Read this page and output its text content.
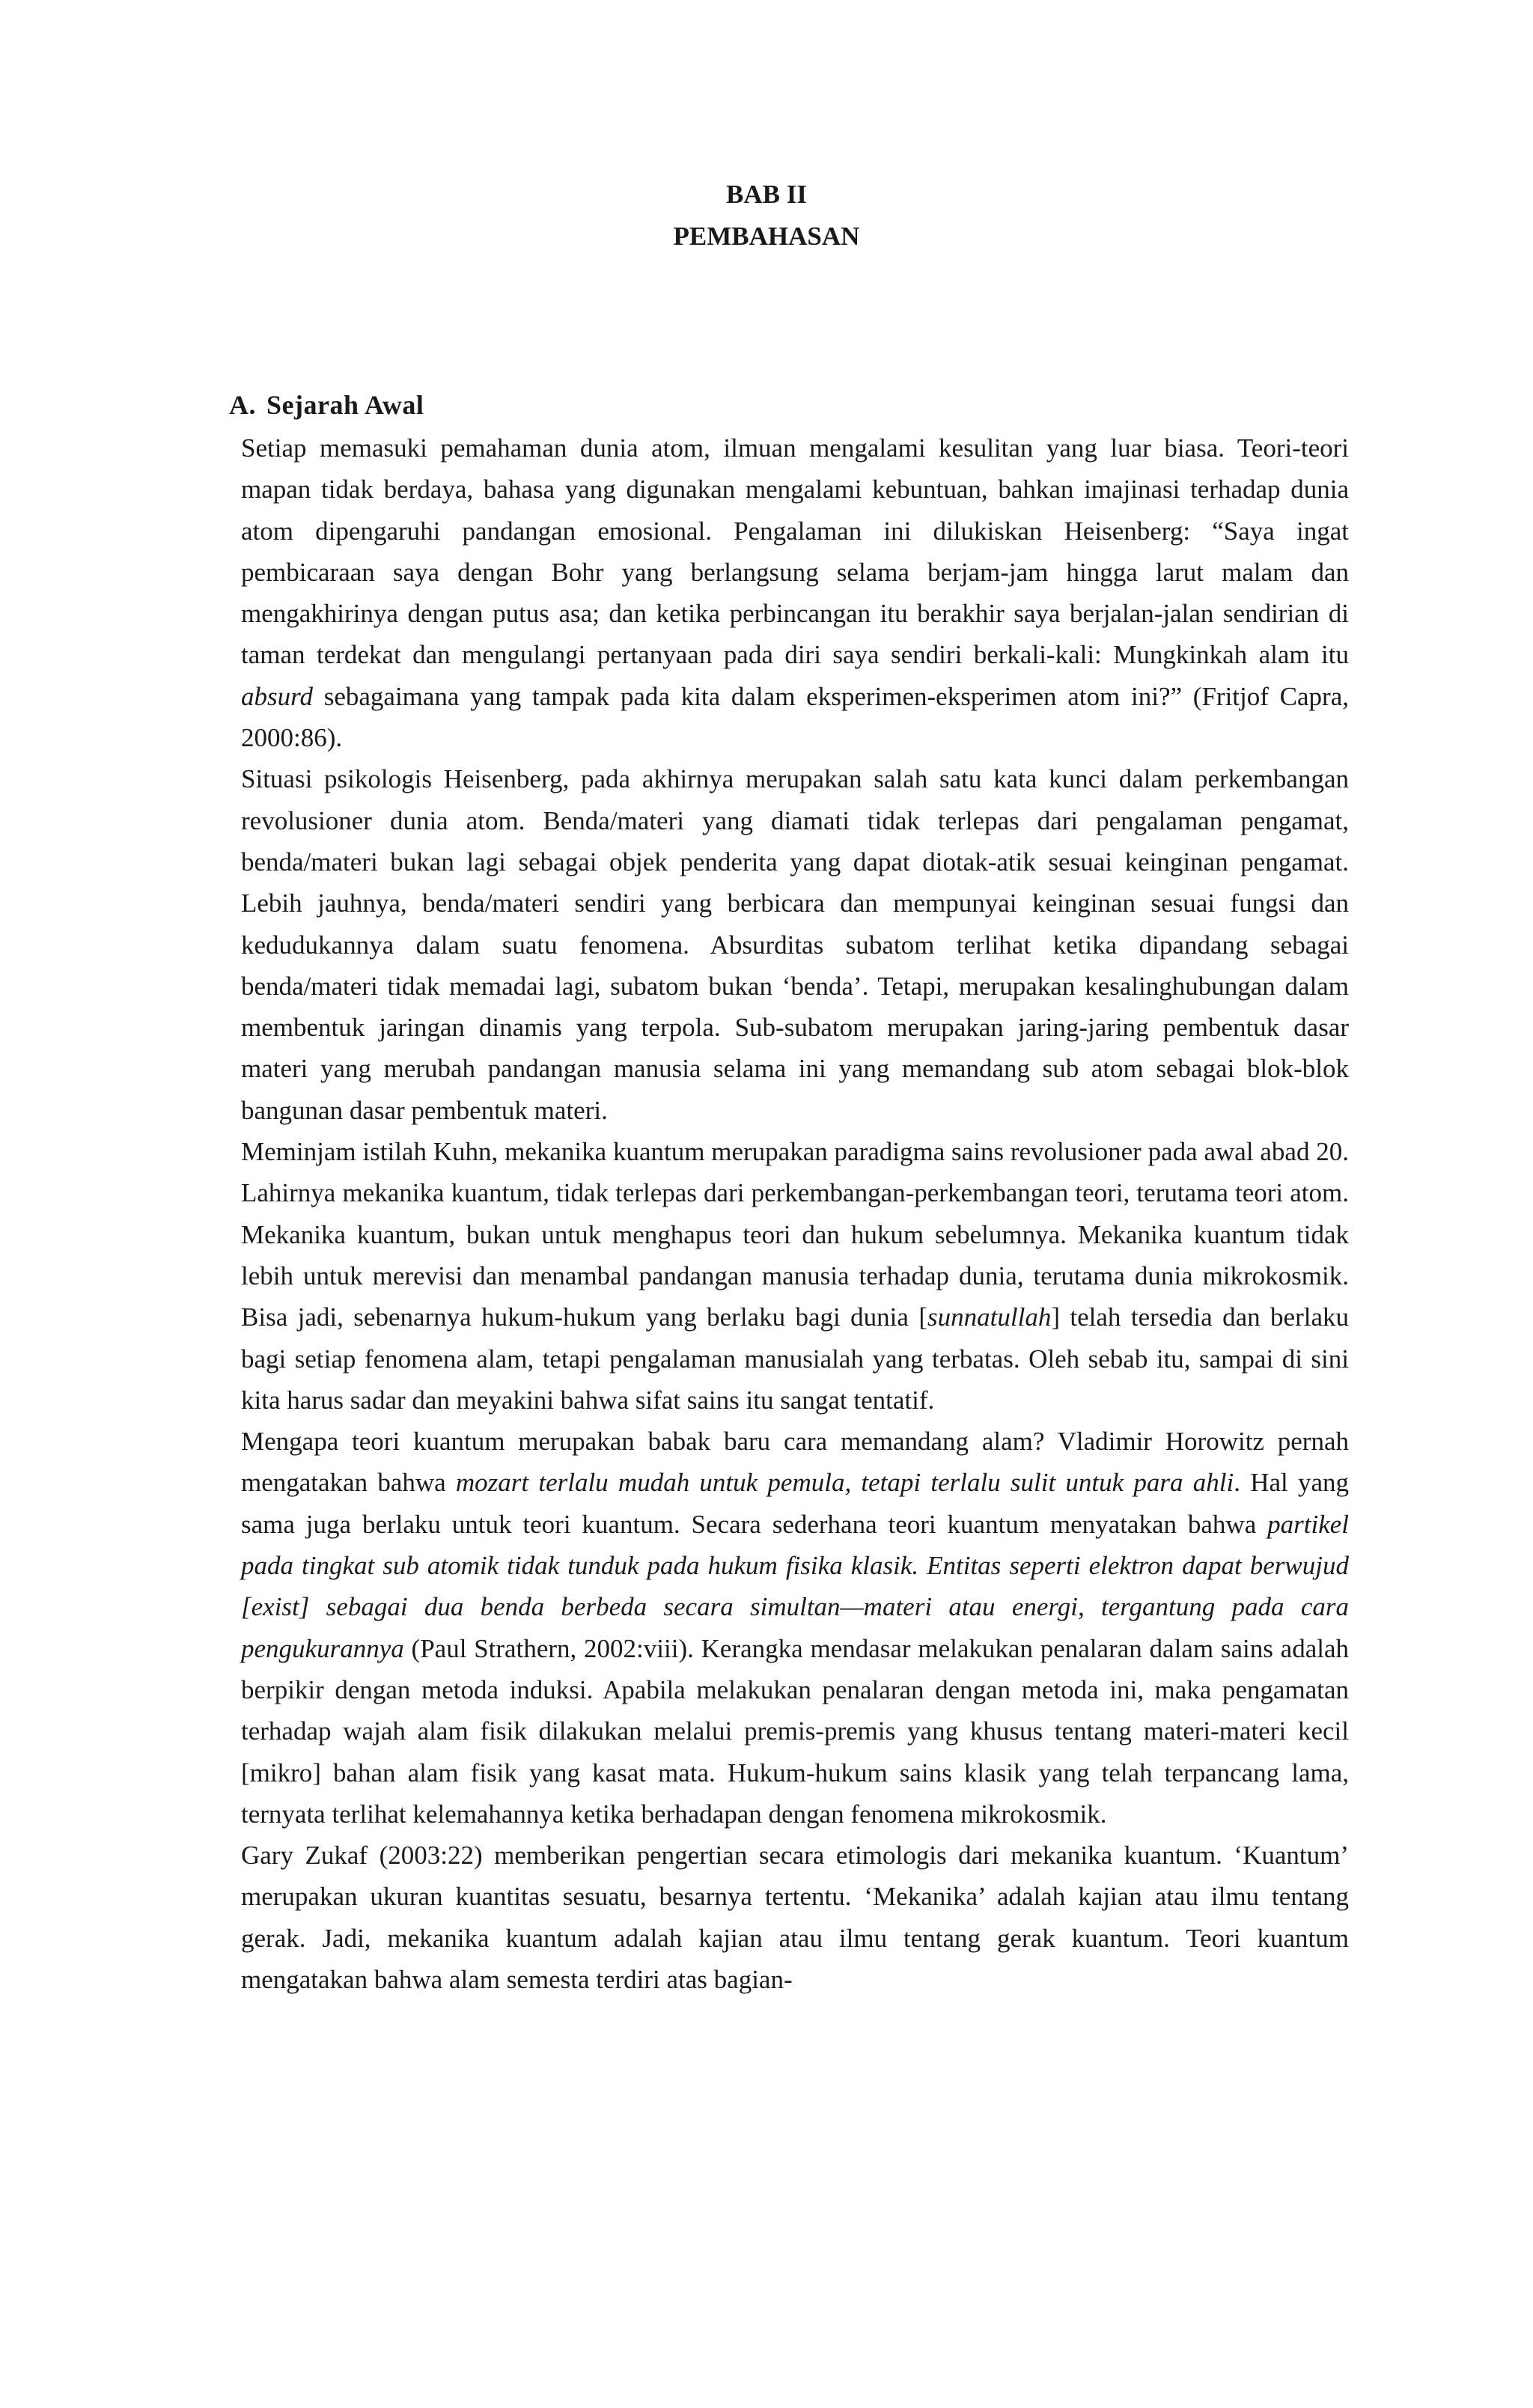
BAB II
PEMBAHASAN
A. Sejarah Awal

Setiap memasuki pemahaman dunia atom, ilmuan mengalami kesulitan yang luar biasa. Teori-teori mapan tidak berdaya, bahasa yang digunakan mengalami kebuntuan, bahkan imajinasi terhadap dunia atom dipengaruhi pandangan emosional. Pengalaman ini dilukiskan Heisenberg: “Saya ingat pembicaraan saya dengan Bohr yang berlangsung selama berjam-jam hingga larut malam dan mengakhirinya dengan putus asa; dan ketika perbincangan itu berakhir saya berjalan-jalan sendirian di taman terdekat dan mengulangi pertanyaan pada diri saya sendiri berkali-kali: Mungkinkah alam itu absurd sebagaimana yang tampak pada kita dalam eksperimen-eksperimen atom ini?” (Fritjof Capra, 2000:86).

Situasi psikologis Heisenberg, pada akhirnya merupakan salah satu kata kunci dalam perkembangan revolusioner dunia atom. Benda/materi yang diamati tidak terlepas dari pengalaman pengamat, benda/materi bukan lagi sebagai objek penderita yang dapat diotak-atik sesuai keinginan pengamat. Lebih jauhnya, benda/materi sendiri yang berbicara dan mempunyai keinginan sesuai fungsi dan kedudukannya dalam suatu fenomena. Absurditas subatom terlihat ketika dipandang sebagai benda/materi tidak memadai lagi, subatom bukan ‘benda’. Tetapi, merupakan kesalinghubungan dalam membentuk jaringan dinamis yang terpola. Sub-subatom merupakan jaring-jaring pembentuk dasar materi yang merubah pandangan manusia selama ini yang memandang sub atom sebagai blok-blok bangunan dasar pembentuk materi.

Meminjam istilah Kuhn, mekanika kuantum merupakan paradigma sains revolusioner pada awal abad 20. Lahirnya mekanika kuantum, tidak terlepas dari perkembangan-perkembangan teori, terutama teori atom. Mekanika kuantum, bukan untuk menghapus teori dan hukum sebelumnya. Mekanika kuantum tidak lebih untuk merevisi dan menambal pandangan manusia terhadap dunia, terutama dunia mikrokosmik. Bisa jadi, sebenarnya hukum-hukum yang berlaku bagi dunia [sunnatullah] telah tersedia dan berlaku bagi setiap fenomena alam, tetapi pengalaman manusialah yang terbatas. Oleh sebab itu, sampai di sini kita harus sadar dan meyakini bahwa sifat sains itu sangat tentatif.

Mengapa teori kuantum merupakan babak baru cara memandang alam? Vladimir Horowitz pernah mengatakan bahwa mozart terlalu mudah untuk pemula, tetapi terlalu sulit untuk para ahli. Hal yang sama juga berlaku untuk teori kuantum. Secara sederhana teori kuantum menyatakan bahwa partikel pada tingkat sub atomik tidak tunduk pada hukum fisika klasik. Entitas seperti elektron dapat berwujud [exist] sebagai dua benda berbeda secara simultan—materi atau energi, tergantung pada cara pengukurannya (Paul Strathern, 2002:viii). Kerangka mendasar melakukan penalaran dalam sains adalah berpikir dengan metoda induksi. Apabila melakukan penalaran dengan metoda ini, maka pengamatan terhadap wajah alam fisik dilakukan melalui premis-premis yang khusus tentang materi-materi kecil [mikro] bahan alam fisik yang kasat mata. Hukum-hukum sains klasik yang telah terpancang lama, ternyata terlihat kelemahannya ketika berhadapan dengan fenomena mikrokosmik.

Gary Zukaf (2003:22) memberikan pengertian secara etimologis dari mekanika kuantum. ‘Kuantum’ merupakan ukuran kuantitas sesuatu, besarnya tertentu. ‘Mekanika’ adalah kajian atau ilmu tentang gerak. Jadi, mekanika kuantum adalah kajian atau ilmu tentang gerak kuantum. Teori kuantum mengatakan bahwa alam semesta terdiri atas bagian-
